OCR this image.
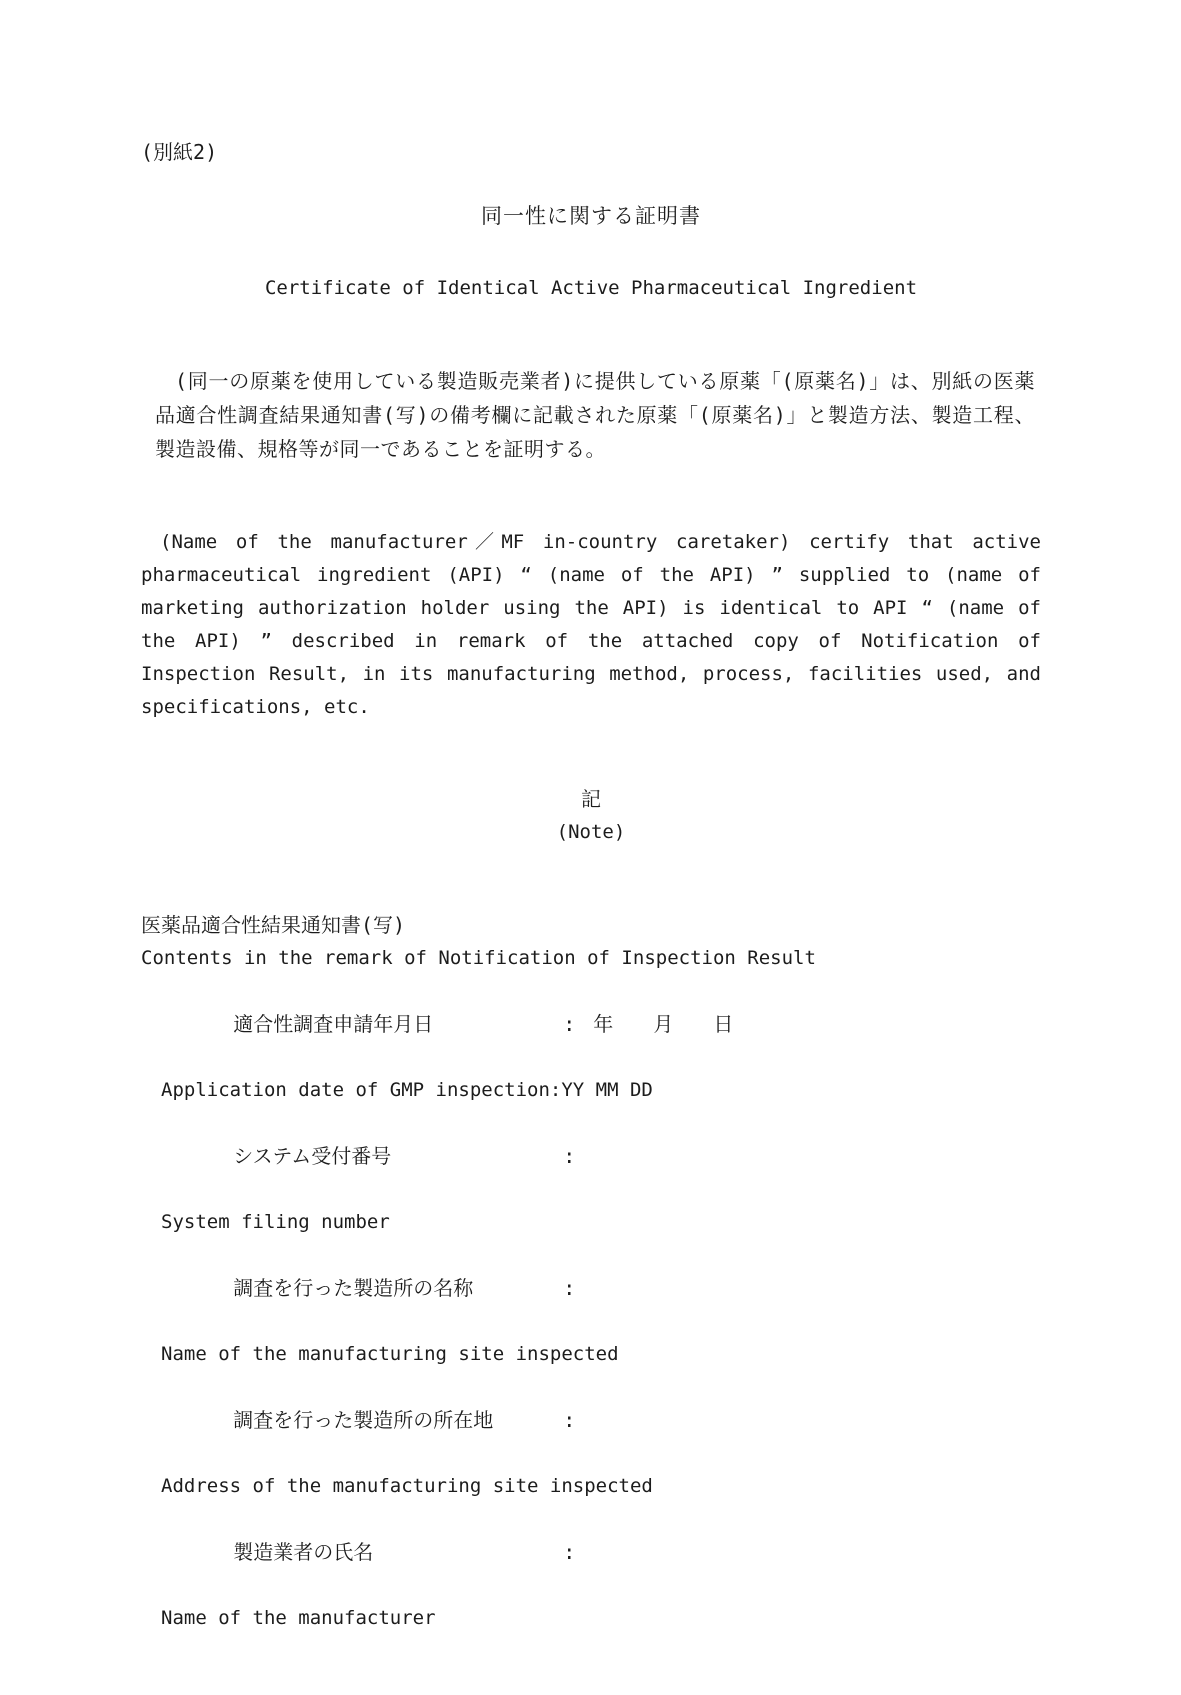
(別紙2)
同一性に関する証明書
Certificate of Identical Active Pharmaceutical Ingredient

(同一の原薬を使用している製造販売業者)に提供している原薬「(原薬名)」は、別紙の医薬品適合性調査結果通知書(写)の備考欄に記載された原薬「(原薬名)」と製造方法、製造工程、製造設備、規格等が同一であることを証明する。

(Name of the manufacturer／MF in-country caretaker) certify that active pharmaceutical ingredient (API) “ (name of the API) ” supplied to (name of marketing authorization holder using the API) is identical to API “ (name of the API) ” described in remark of the attached copy of Notification of Inspection Result, in its manufacturing method, process, facilities used, and specifications, etc.

記
(Note)
医薬品適合性結果通知書(写)
Contents in the remark of Notification of Inspection Result

適合性調査申請年月日	: 年 月 日

Application date of GMP inspection:YY MM DD

システム受付番号	:

System filing number

調査を行った製造所の名称	:

Name of the manufacturing site inspected

調査を行った製造所の所在地	:

Address of the manufacturing site inspected

製造業者の氏名	:

Name of the manufacturer
